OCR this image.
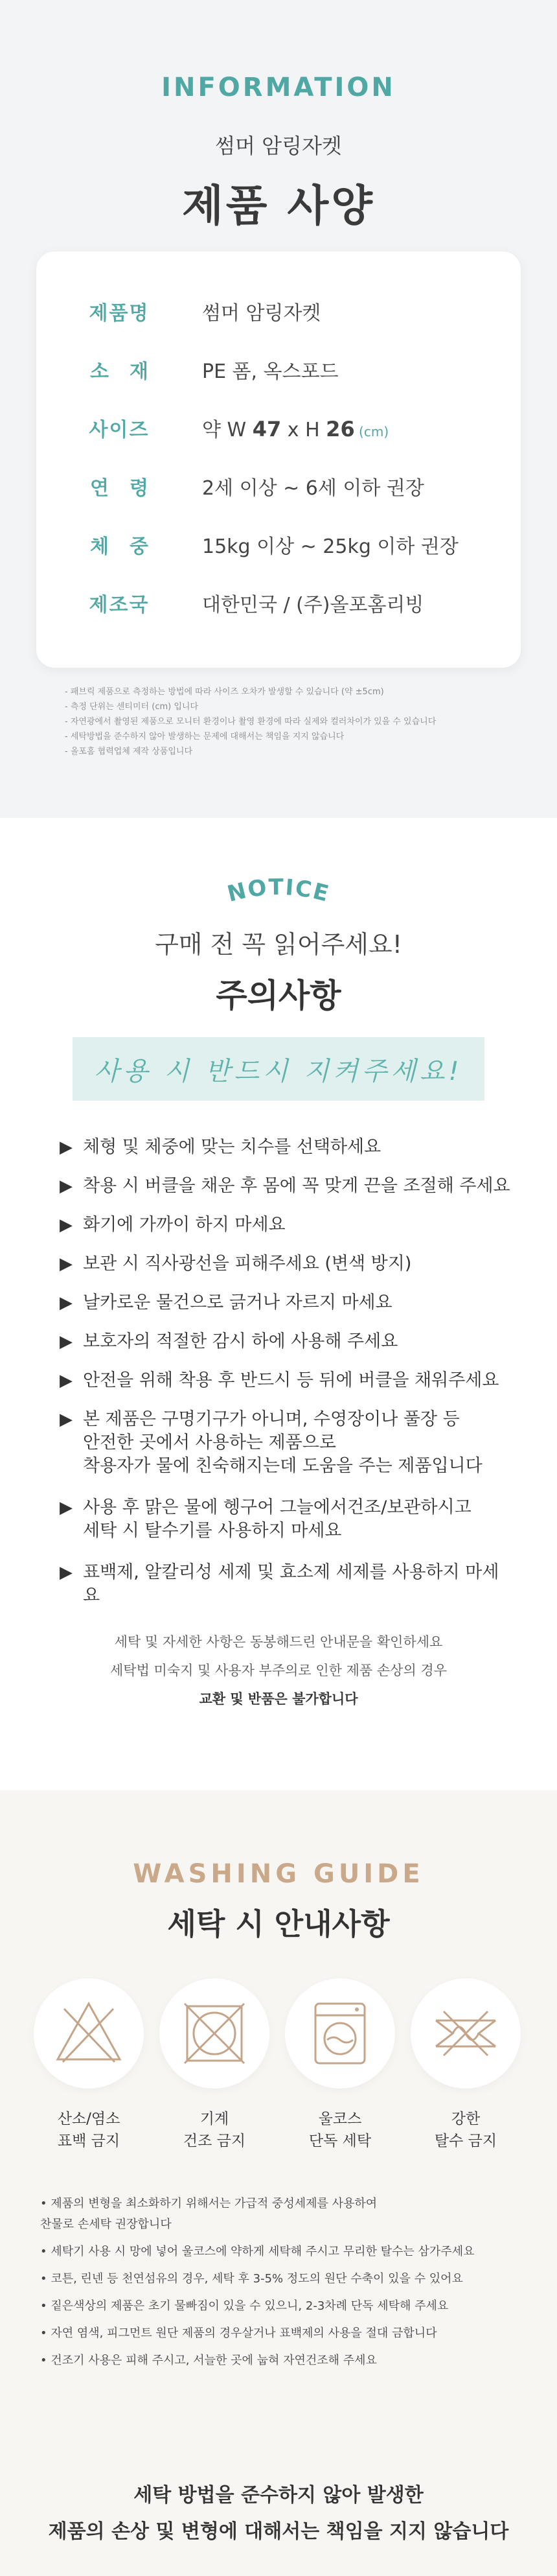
INFORMATION
썸머 암링자켓
제품 사양
제품명	썸머 암링자켓
소재	PE 폼, 옥스포드
사이즈	약 W 47 x H 26 (cm)
연령	2세 이상 ~ 6세 이하 권장
체중	15kg 이상 ~ 25kg 이하 권장
제조국	대한민국 / (주)올포홈리빙

- 패브릭 제품으로 측정하는 방법에 따라 사이즈 오차가 발생할 수 있습니다 (약 ±5cm)

- 측정 단위는 센티미터 (cm) 입니다

- 자연광에서 촬영된 제품으로 모니터 환경이나 촬영 환경에 따라 실제와 컬러차이가 있을 수 있습니다

- 세탁방법을 준수하지 않아 발생하는 문제에 대해서는 책임을 지지 않습니다

- 올포홈 협력업체 제작 상품입니다

NOTICE
구매 전 꼭 읽어주세요!
주의사항
사용 시 반드시 지켜주세요!
▶ 체형 및 체중에 맞는 치수를 선택하세요
▶ 착용 시 버클을 채운 후 몸에 꼭 맞게 끈을 조절해 주세요
▶ 화기에 가까이 하지 마세요
▶ 보관 시 직사광선을 피해주세요 (변색 방지)
▶ 날카로운 물건으로 긁거나 자르지 마세요
▶ 보호자의 적절한 감시 하에 사용해 주세요
▶ 안전을 위해 착용 후 반드시 등 뒤에 버클을 채워주세요
▶ 본 제품은 구명기구가 아니며, 수영장이나 풀장 등
안전한 곳에서 사용하는 제품으로
착용자가 물에 친숙해지는데 도움을 주는 제품입니다
▶ 사용 후 맑은 물에 헹구어 그늘에서건조/보관하시고
세탁 시 탈수기를 사용하지 마세요
▶ 표백제, 알칼리성 세제 및 효소제 세제를 사용하지 마세요

세탁 및 자세한 사항은 동봉해드린 안내문을 확인하세요

세탁법 미숙지 및 사용자 부주의로 인한 제품 손상의 경우

교환 및 반품은 불가합니다

WASHING GUIDE
세탁 시 안내사항
산소/염소
표백 금지
기계
건조 금지
울코스
단독 세탁
강한
탈수 금지
• 제품의 변형을 최소화하기 위해서는 가급적 중성세제를 사용하여
찬물로 손세탁 권장합니다
• 세탁기 사용 시 망에 넣어 울코스에 약하게 세탁해 주시고 무리한 탈수는 삼가주세요
• 코튼, 린넨 등 천연섬유의 경우, 세탁 후 3-5% 정도의 원단 수축이 있을 수 있어요
• 짙은색상의 제품은 초기 물빠짐이 있을 수 있으니, 2-3차례 단독 세탁해 주세요
• 자연 염색, 피그먼트 원단 제품의 경우살거나 표백제의 사용을 절대 금합니다
• 건조기 사용은 피해 주시고, 서늘한 곳에 눕혀 자연건조해 주세요

세탁 방법을 준수하지 않아 발생한

제품의 손상 및 변형에 대해서는 책임을 지지 않습니다
